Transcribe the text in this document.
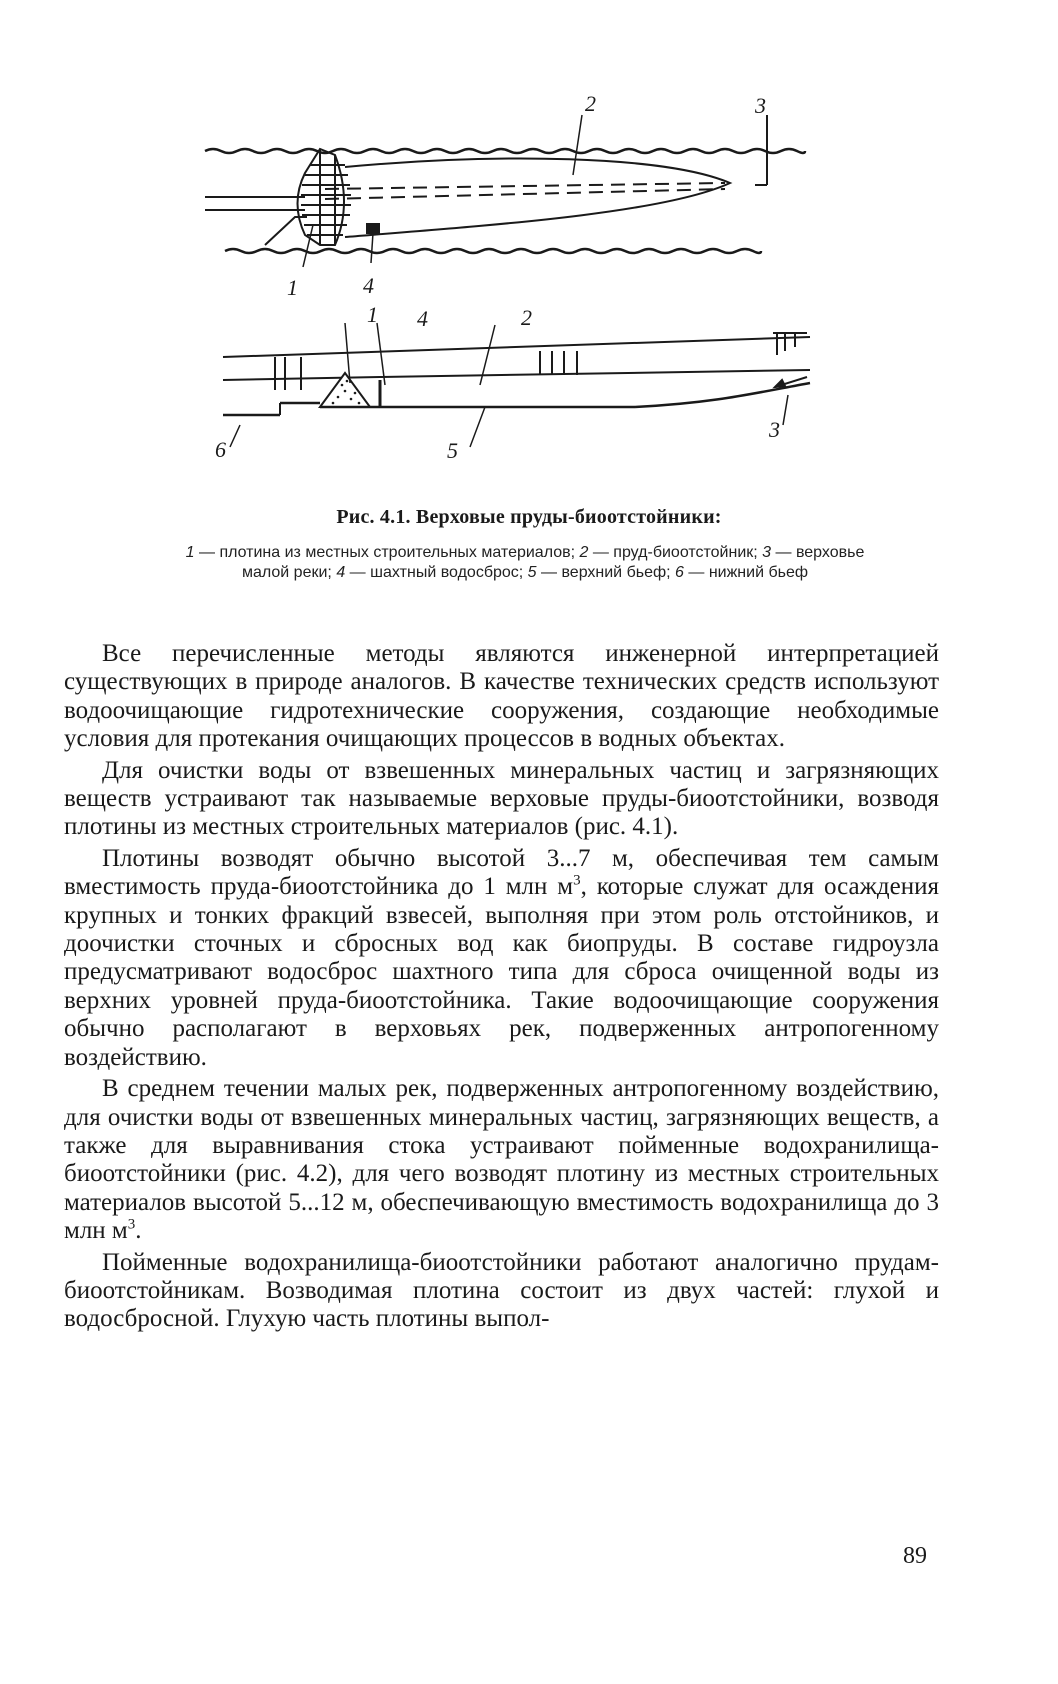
2	3
1	4
1 4	2
6	5
3
Рис. 4.1. Верховые пруды-биоотстойники:
1 — плотина из местных строительных материалов; 2 — пруд-биоотстойник; 3 — верховье
малой реки; 4 — шахтный водосброс; 5 — верхний бьеф; 6 — нижний бьеф

Все перечисленные методы являются инженерной интерпретацией существующих в природе аналогов. В качестве технических средств используют водоочищающие гидротехнические сооружения, создающие необходимые условия для протекания очищающих процессов в водных объектах.

Для очистки воды от взвешенных минеральных частиц и загрязняющих веществ устраивают так называемые верховые пруды-биоотстойники, возводя плотины из местных строительных материалов (рис. 4.1).

Плотины возводят обычно высотой 3...7 м, обеспечивая тем самым вместимость пруда-биоотстойника до 1 млн $м^3$, которые служат для осаждения крупных и тонких фракций взвесей, выполняя при этом роль отстойников, и доочистки сточных и сбросных вод как биопруды. В составе гидроузла предусматривают водосброс шахтного типа для сброса очищенной воды из верхних уровней пруда-биоотстойника. Такие водоочищающие сооружения обычно располагают в верховьях рек, подверженных антропогенному воздействию.

В среднем течении малых рек, подверженных антропогенному воздействию, для очистки воды от взвешенных минеральных частиц, загрязняющих веществ, а также для выравнивания стока устраивают пойменные водохранилища-биоотстойники (рис. 4.2), для чего возводят плотину из местных строительных материалов высотой 5...12 м, обеспечивающую вместимость водохранилища до 3 млн $м^3$.

Пойменные водохранилища-биоотстойники работают аналогично прудам-биоотстойникам. Возводимая плотина состоит из двух частей: глухой и водосбросной. Глухую часть плотины выпол-

89
